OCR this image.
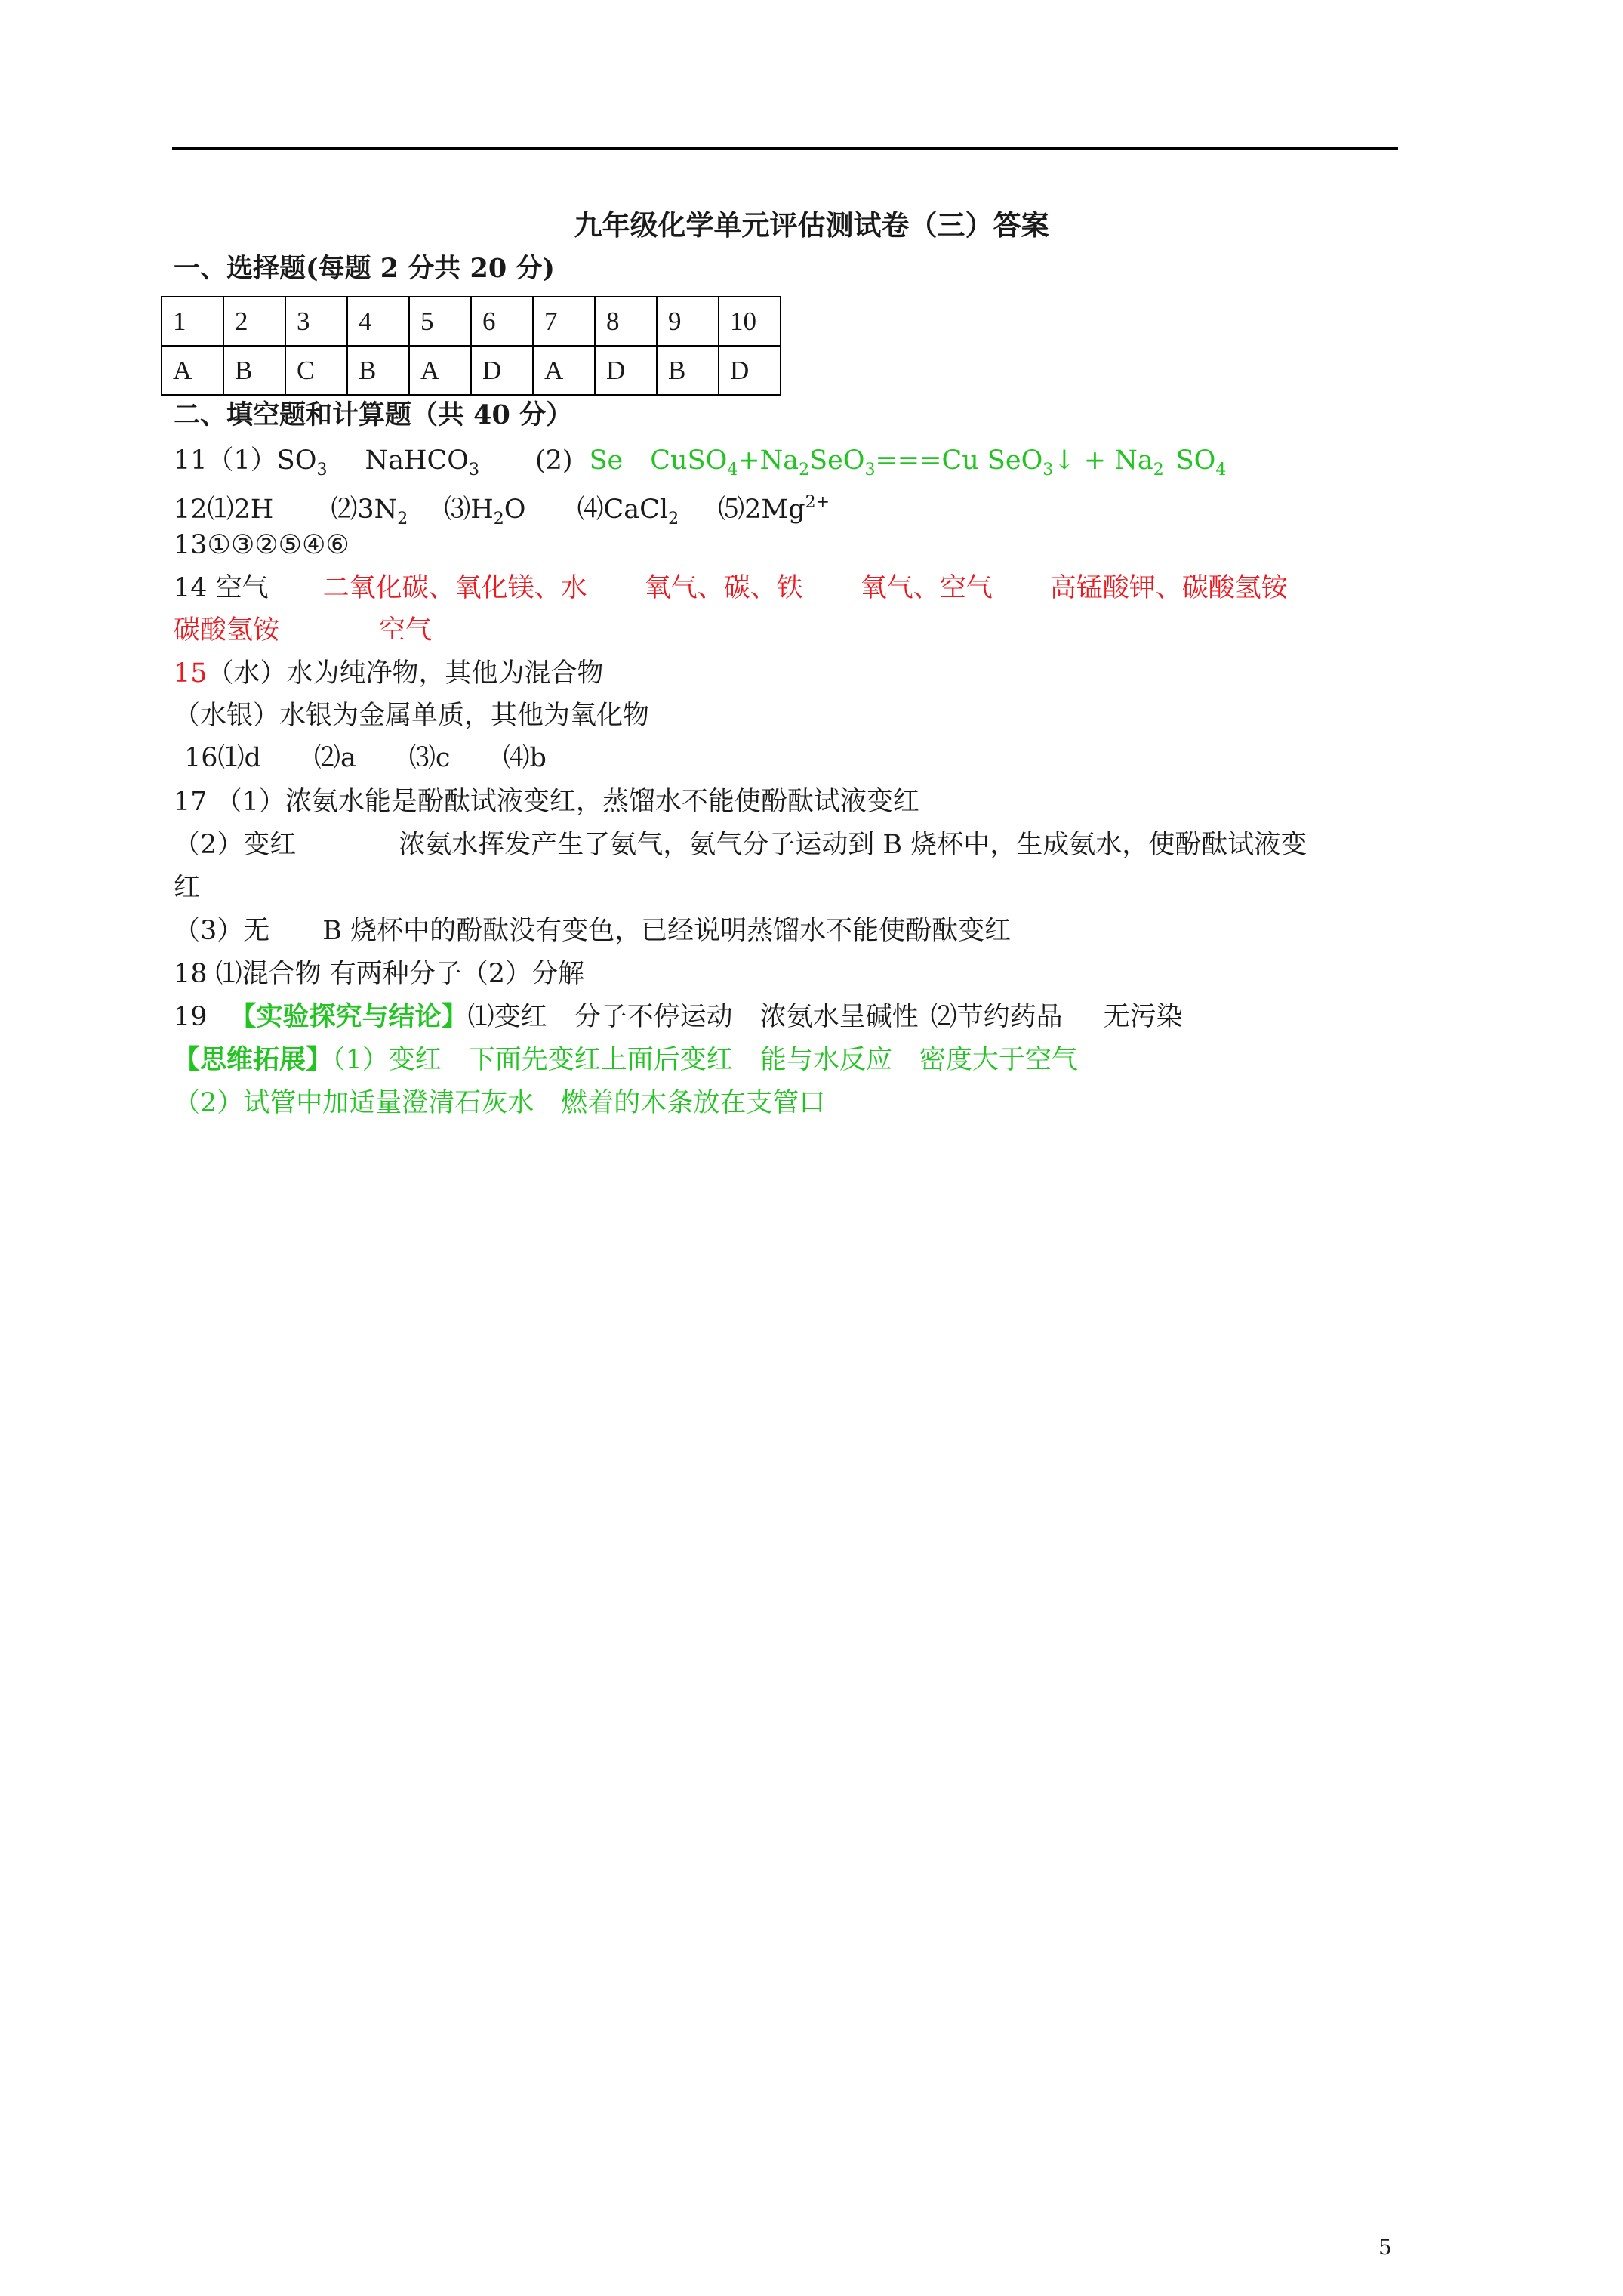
九年级化学单元评估测试卷（三）答案
一、选择题(每题 2 分共 20 分)
1	2	3	4	5	6	7	8	9	10
A	B	C	B	A	D	A	D	B	D
二、填空题和计算题（共 40 分）
$11(1)SO_3$ NaHCO$_3$ (2) Se $CuSO_4+Na_2SeO_3===Cu$ SeO$_3$↓ + $Na_2$ $SO_4$
12⑴2H $⑵3N_2$ $⑶H_2O$ ⑷CaCl$_2$ $⑸2Mg^{2+}$
13①③②⑤④⑥
14 空气 二氧化碳、氧化镁、水 氧气、碳、铁 氧气、空气 高锰酸钾、碳酸氢铵
碳酸氢铵	空气
15（水）水为纯净物，其他为混合物
（水银）水银为金属单质，其他为氧化物
16⑴d ⑵a ⑶c ⑷b
17 （1）浓氨水能是酚酞试液变红，蒸馏水不能使酚酞试液变红
（2）变红	浓氨水挥发产生了氨气，氨气分子运动到 B 烧杯中，生成氨水，使酚酞试液变
红
（3）无 B 烧杯中的酚酞没有变色，已经说明蒸馏水不能使酚酞变红
18 ⑴混合物 有两种分子（2）分解
19 【实验探究与结论】⑴变红 分子不停运动 浓氨水呈碱性 ⑵节约药品 无污染
【思维拓展】（1）变红 下面先变红上面后变红 能与水反应 密度大于空气
（2）试管中加适量澄清石灰水 燃着的木条放在支管口
5
